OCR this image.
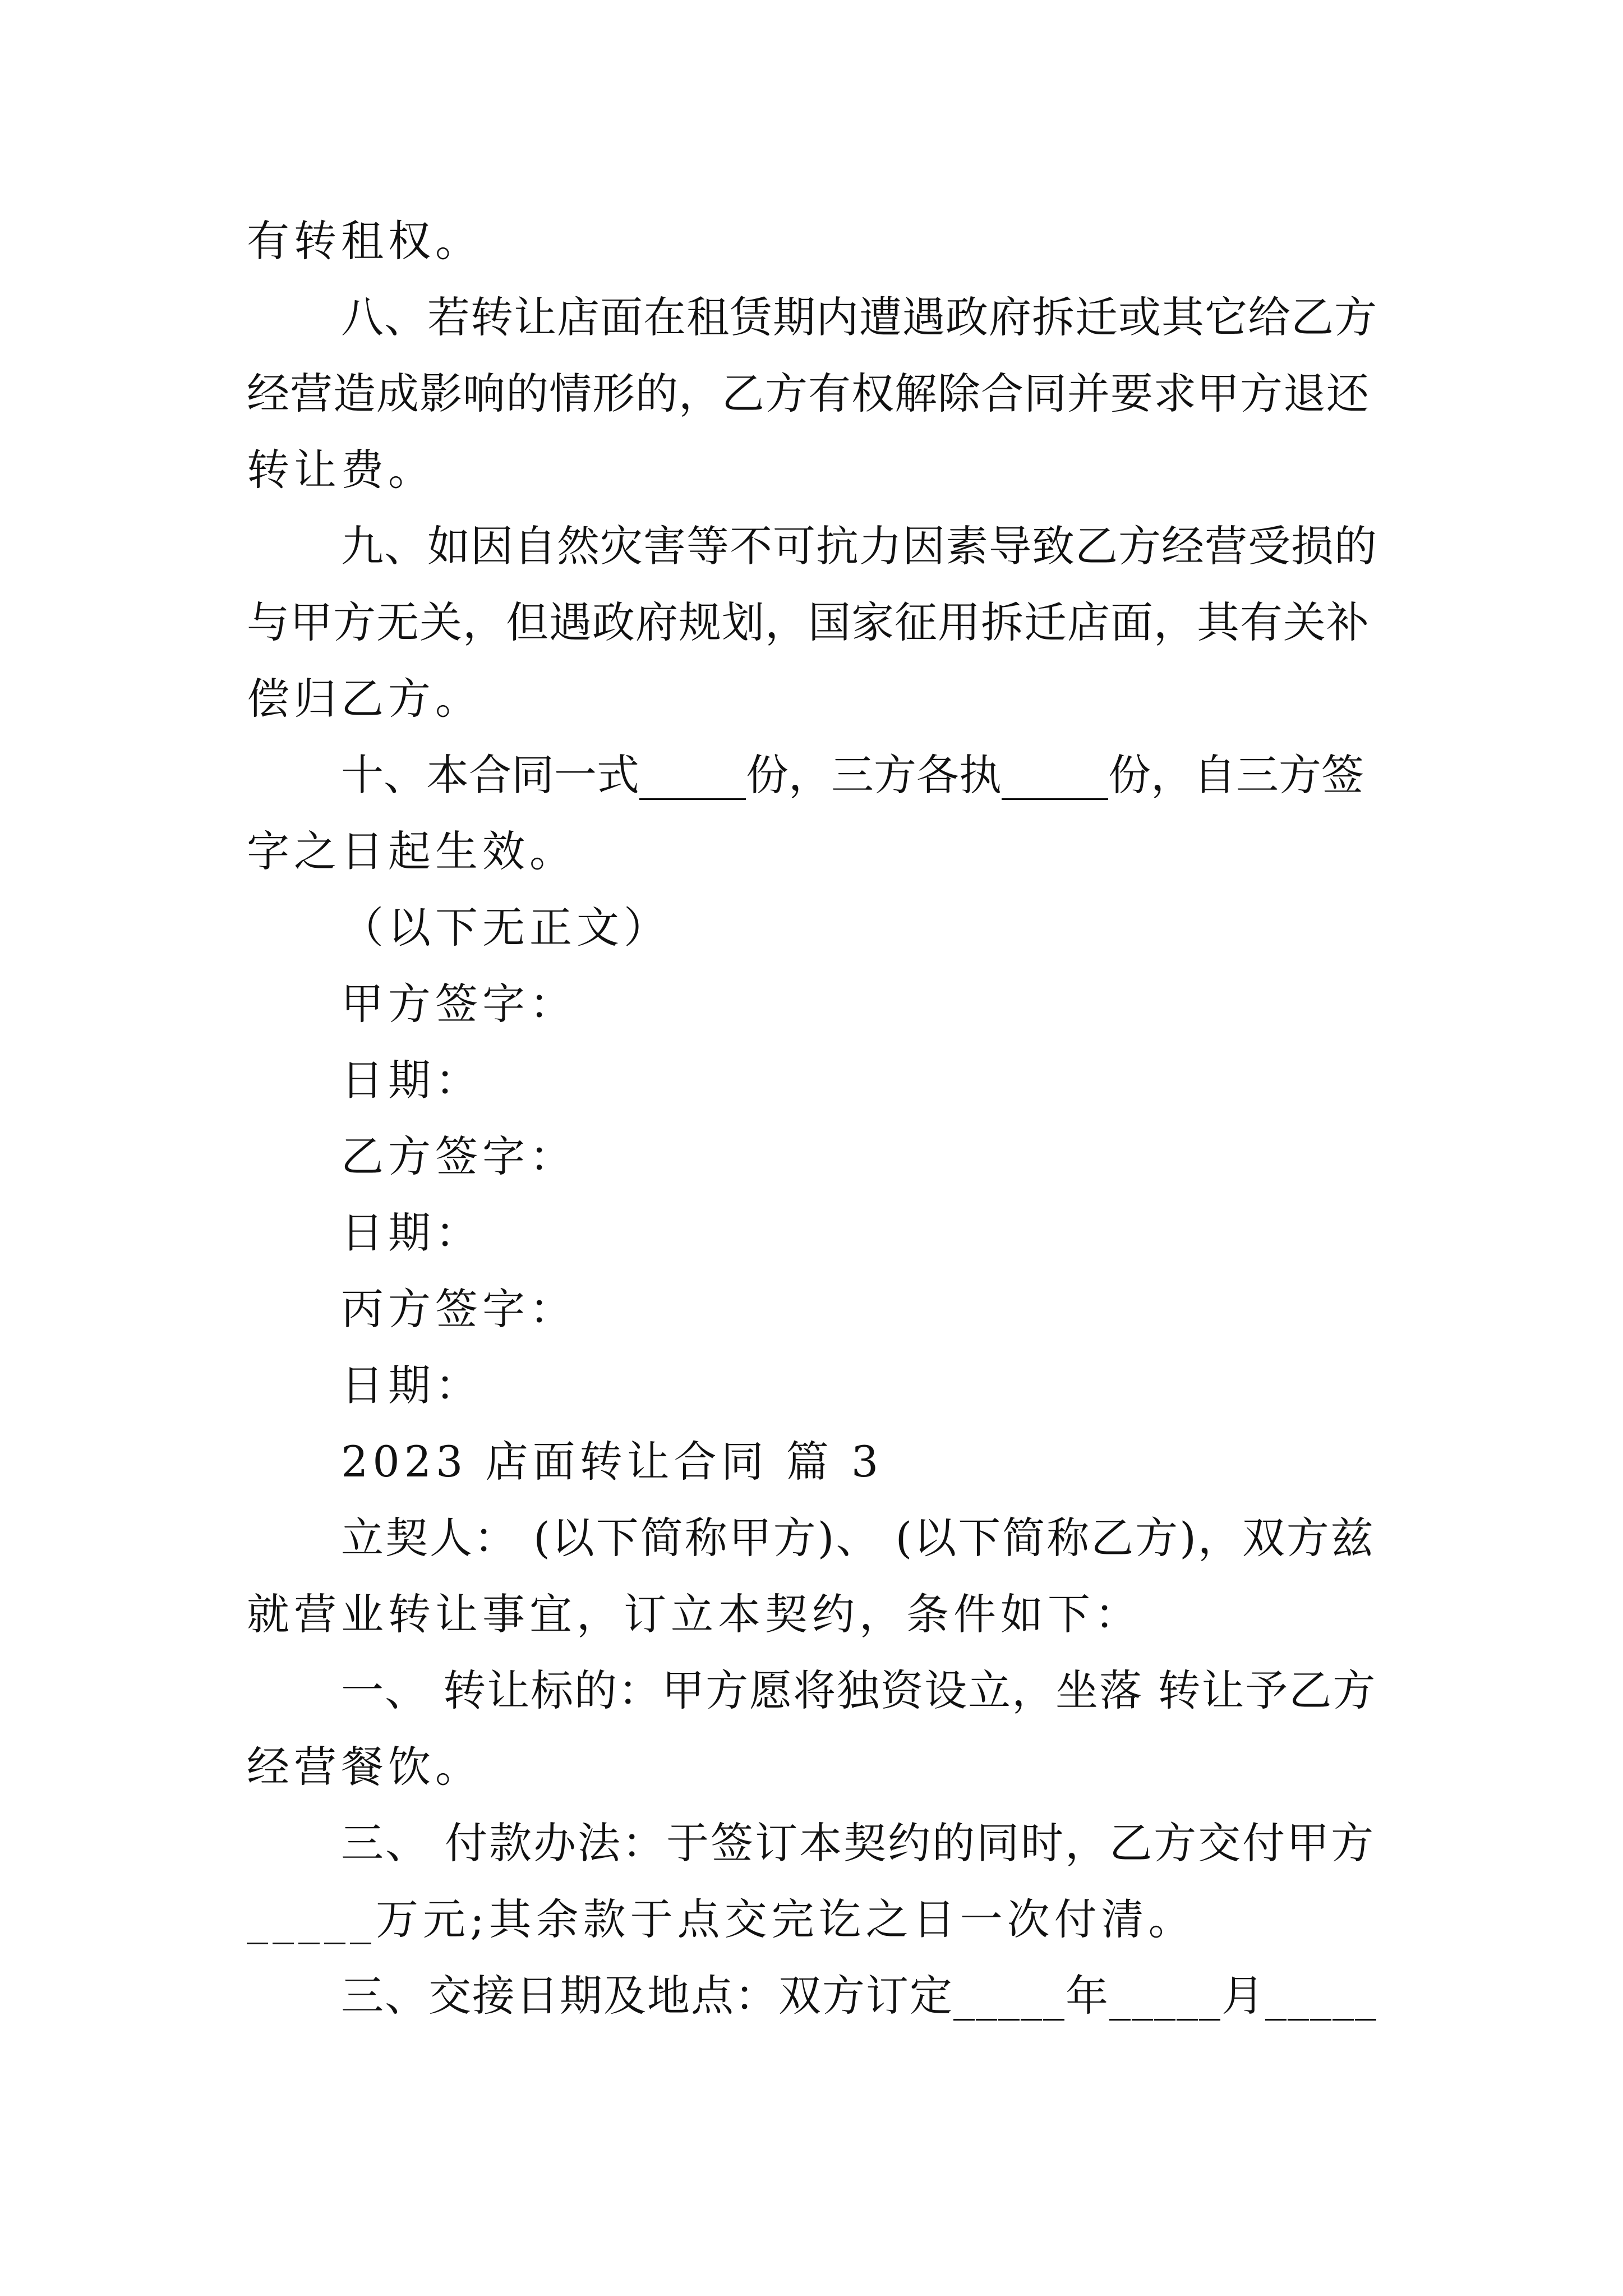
有转租权。
八、若转让店面在租赁期内遭遇政府拆迁或其它给乙方
经营造成影响的情形的，乙方有权解除合同并要求甲方退还
转让费。
九、如因自然灾害等不可抗力因素导致乙方经营受损的
与甲方无关，但遇政府规划，国家征用拆迁店面，其有关补
偿归乙方。
十、本合同一式_____份，三方各执_____份，自三方签
字之日起生效。
（以下无正文）
甲方签字：
日期：
乙方签字：
日期：
丙方签字：
日期：
2023 店面转让合同 篇 3
立契人： (以下简称甲方)、 (以下简称乙方)，双方兹
就营业转让事宜，订立本契约，条件如下：
一、 转让标的：甲方愿将独资设立，坐落 转让予乙方
经营餐饮。
三、 付款办法：于签订本契约的同时，乙方交付甲方
_____万元;其余款于点交完讫之日一次付清。
三、交接日期及地点：双方订定_____年_____月_____
